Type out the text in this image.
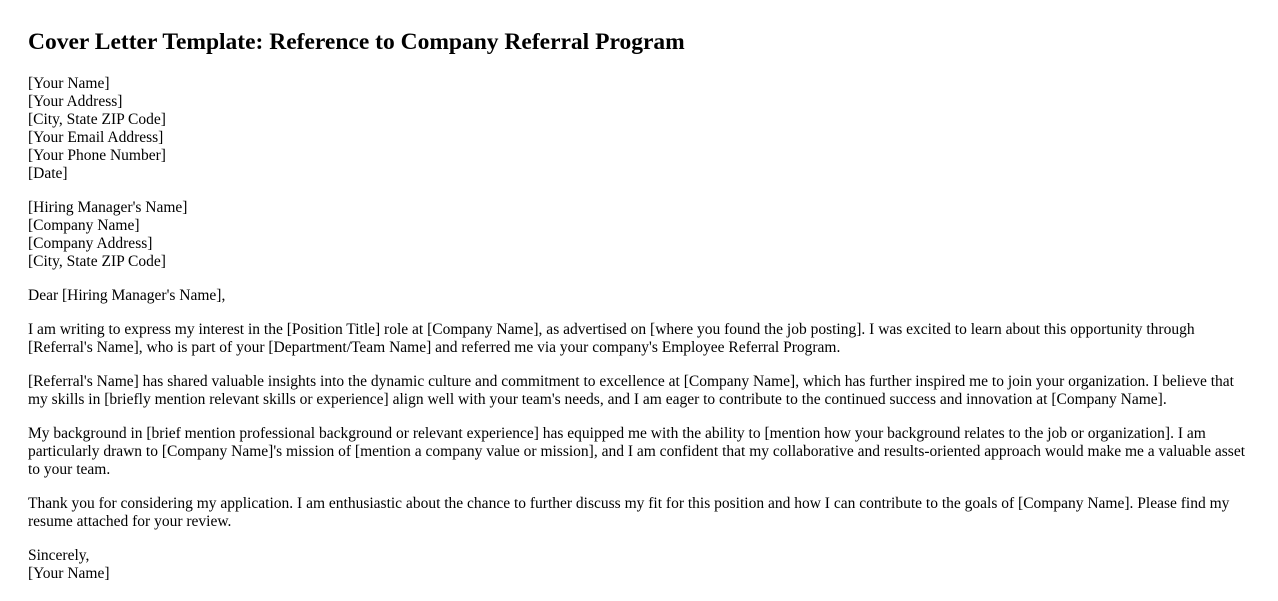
Cover Letter Template: Reference to Company Referral Program
[Your Name]
[Your Address]
[City, State ZIP Code]
[Your Email Address]
[Your Phone Number]
[Date]
[Hiring Manager's Name]
[Company Name]
[Company Address]
[City, State ZIP Code]

Dear [Hiring Manager's Name],

I am writing to express my interest in the [Position Title] role at [Company Name], as advertised on [where you found the job posting]. I was excited to learn about this opportunity through [Referral's Name], who is part of your [Department/Team Name] and referred me via your company's Employee Referral Program.

[Referral's Name] has shared valuable insights into the dynamic culture and commitment to excellence at [Company Name], which has further inspired me to join your organization. I believe that my skills in [briefly mention relevant skills or experience] align well with your team's needs, and I am eager to contribute to the continued success and innovation at [Company Name].

My background in [brief mention professional background or relevant experience] has equipped me with the ability to [mention how your background relates to the job or organization]. I am particularly drawn to [Company Name]'s mission of [mention a company value or mission], and I am confident that my collaborative and results-oriented approach would make me a valuable asset to your team.

Thank you for considering my application. I am enthusiastic about the chance to further discuss my fit for this position and how I can contribute to the goals of [Company Name]. Please find my resume attached for your review.

Sincerely,
[Your Name]
